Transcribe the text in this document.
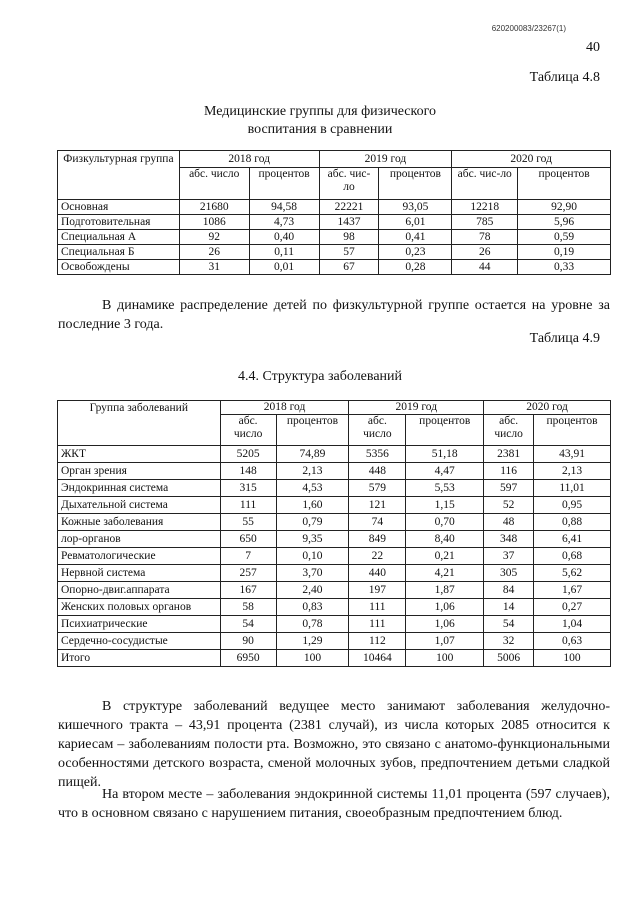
620200083/23267(1)
40
Таблица 4.8
Медицинские группы для физического
воспитания в сравнении
Физкультурная группа	2018 год		2019 год		2020 год	
	абс. число	процентов	абс. чис-ло	процентов	абс. чис-ло	процентов
Основная	21680	94,58	22221	93,05	12218	92,90
Подготовительная	1086	4,73	1437	6,01	785	5,96
Специальная А	92	0,40	98	0,41	78	0,59
Специальная Б	26	0,11	57	0,23	26	0,19
Освобождены	31	0,01	67	0,28	44	0,33

В динамике распределение детей по физкультурной группе остается на уровне за последние 3 года.

Таблица 4.9
4.4. Структура заболеваний
Группа заболеваний	2018 год		2019 год		2020 год	
	абс. число	процентов	абс. число	процентов	абс. число	процентов
ЖКТ	5205	74,89	5356	51,18	2381	43,91
Орган зрения	148	2,13	448	4,47	116	2,13
Эндокринная система	315	4,53	579	5,53	597	11,01
Дыхательной система	111	1,60	121	1,15	52	0,95
Кожные заболевания	55	0,79	74	0,70	48	0,88
лор-органов	650	9,35	849	8,40	348	6,41
Ревматологические	7	0,10	22	0,21	37	0,68
Нервной система	257	3,70	440	4,21	305	5,62
Опорно-двиг.аппарата	167	2,40	197	1,87	84	1,67
Женских половых органов	58	0,83	111	1,06	14	0,27
Психиатрические	54	0,78	111	1,06	54	1,04
Сердечно-сосудистые	90	1,29	112	1,07	32	0,63
Итого	6950	100	10464	100	5006	100

В структуре заболеваний ведущее место занимают заболевания желудочно-кишечного тракта – 43,91 процента (2381 случай), из числа которых 2085 относится к кариесам – заболеваниям полости рта. Возможно, это связано с анатомо-функциональными особенностями детского возраста, сменой молочных зубов, предпочтением детьми сладкой пищей.

На втором месте – заболевания эндокринной системы 11,01 процента (597 случаев), что в основном связано с нарушением питания, своеобразным предпочтением блюд.
